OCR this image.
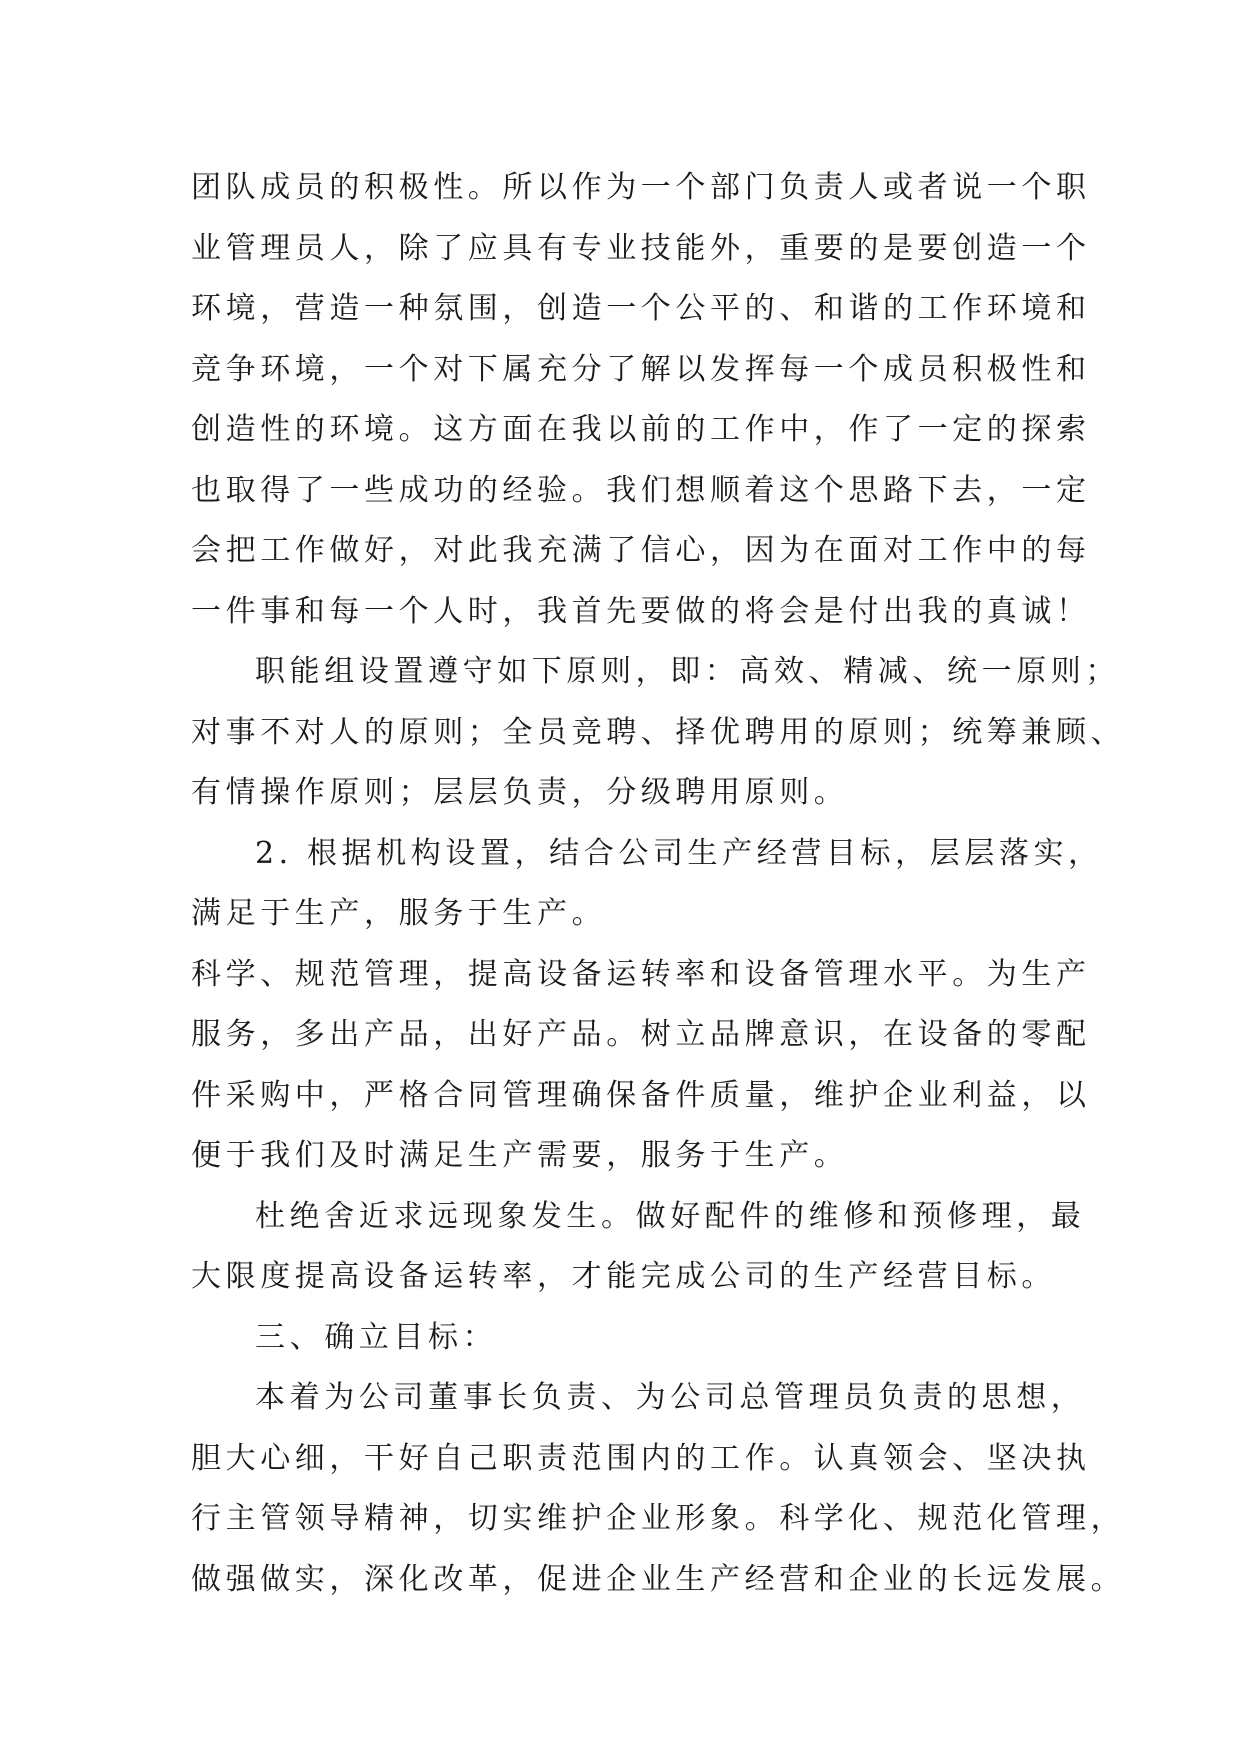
团队成员的积极性。所以作为一个部门负责人或者说一个职
业管理员人，除了应具有专业技能外，重要的是要创造一个
环境，营造一种氛围，创造一个公平的、和谐的工作环境和
竞争环境，一个对下属充分了解以发挥每一个成员积极性和
创造性的环境。这方面在我以前的工作中，作了一定的探索
也取得了一些成功的经验。我们想顺着这个思路下去，一定
会把工作做好，对此我充满了信心，因为在面对工作中的每
一件事和每一个人时，我首先要做的将会是付出我的真诚！
职能组设置遵守如下原则，即：高效、精减、统一原则；
对事不对人的原则；全员竞聘、择优聘用的原则；统筹兼顾、
有情操作原则；层层负责，分级聘用原则。
2. 根据机构设置，结合公司生产经营目标，层层落实，
满足于生产，服务于生产。
科学、规范管理，提高设备运转率和设备管理水平。为生产
服务，多出产品，出好产品。树立品牌意识，在设备的零配
件采购中，严格合同管理确保备件质量，维护企业利益，以
便于我们及时满足生产需要，服务于生产。
杜绝舍近求远现象发生。做好配件的维修和预修理，最
大限度提高设备运转率，才能完成公司的生产经营目标。
三、确立目标：
本着为公司董事长负责、为公司总管理员负责的思想，
胆大心细，干好自己职责范围内的工作。认真领会、坚决执
行主管领导精神，切实维护企业形象。科学化、规范化管理，
做强做实，深化改革，促进企业生产经营和企业的长远发展。
